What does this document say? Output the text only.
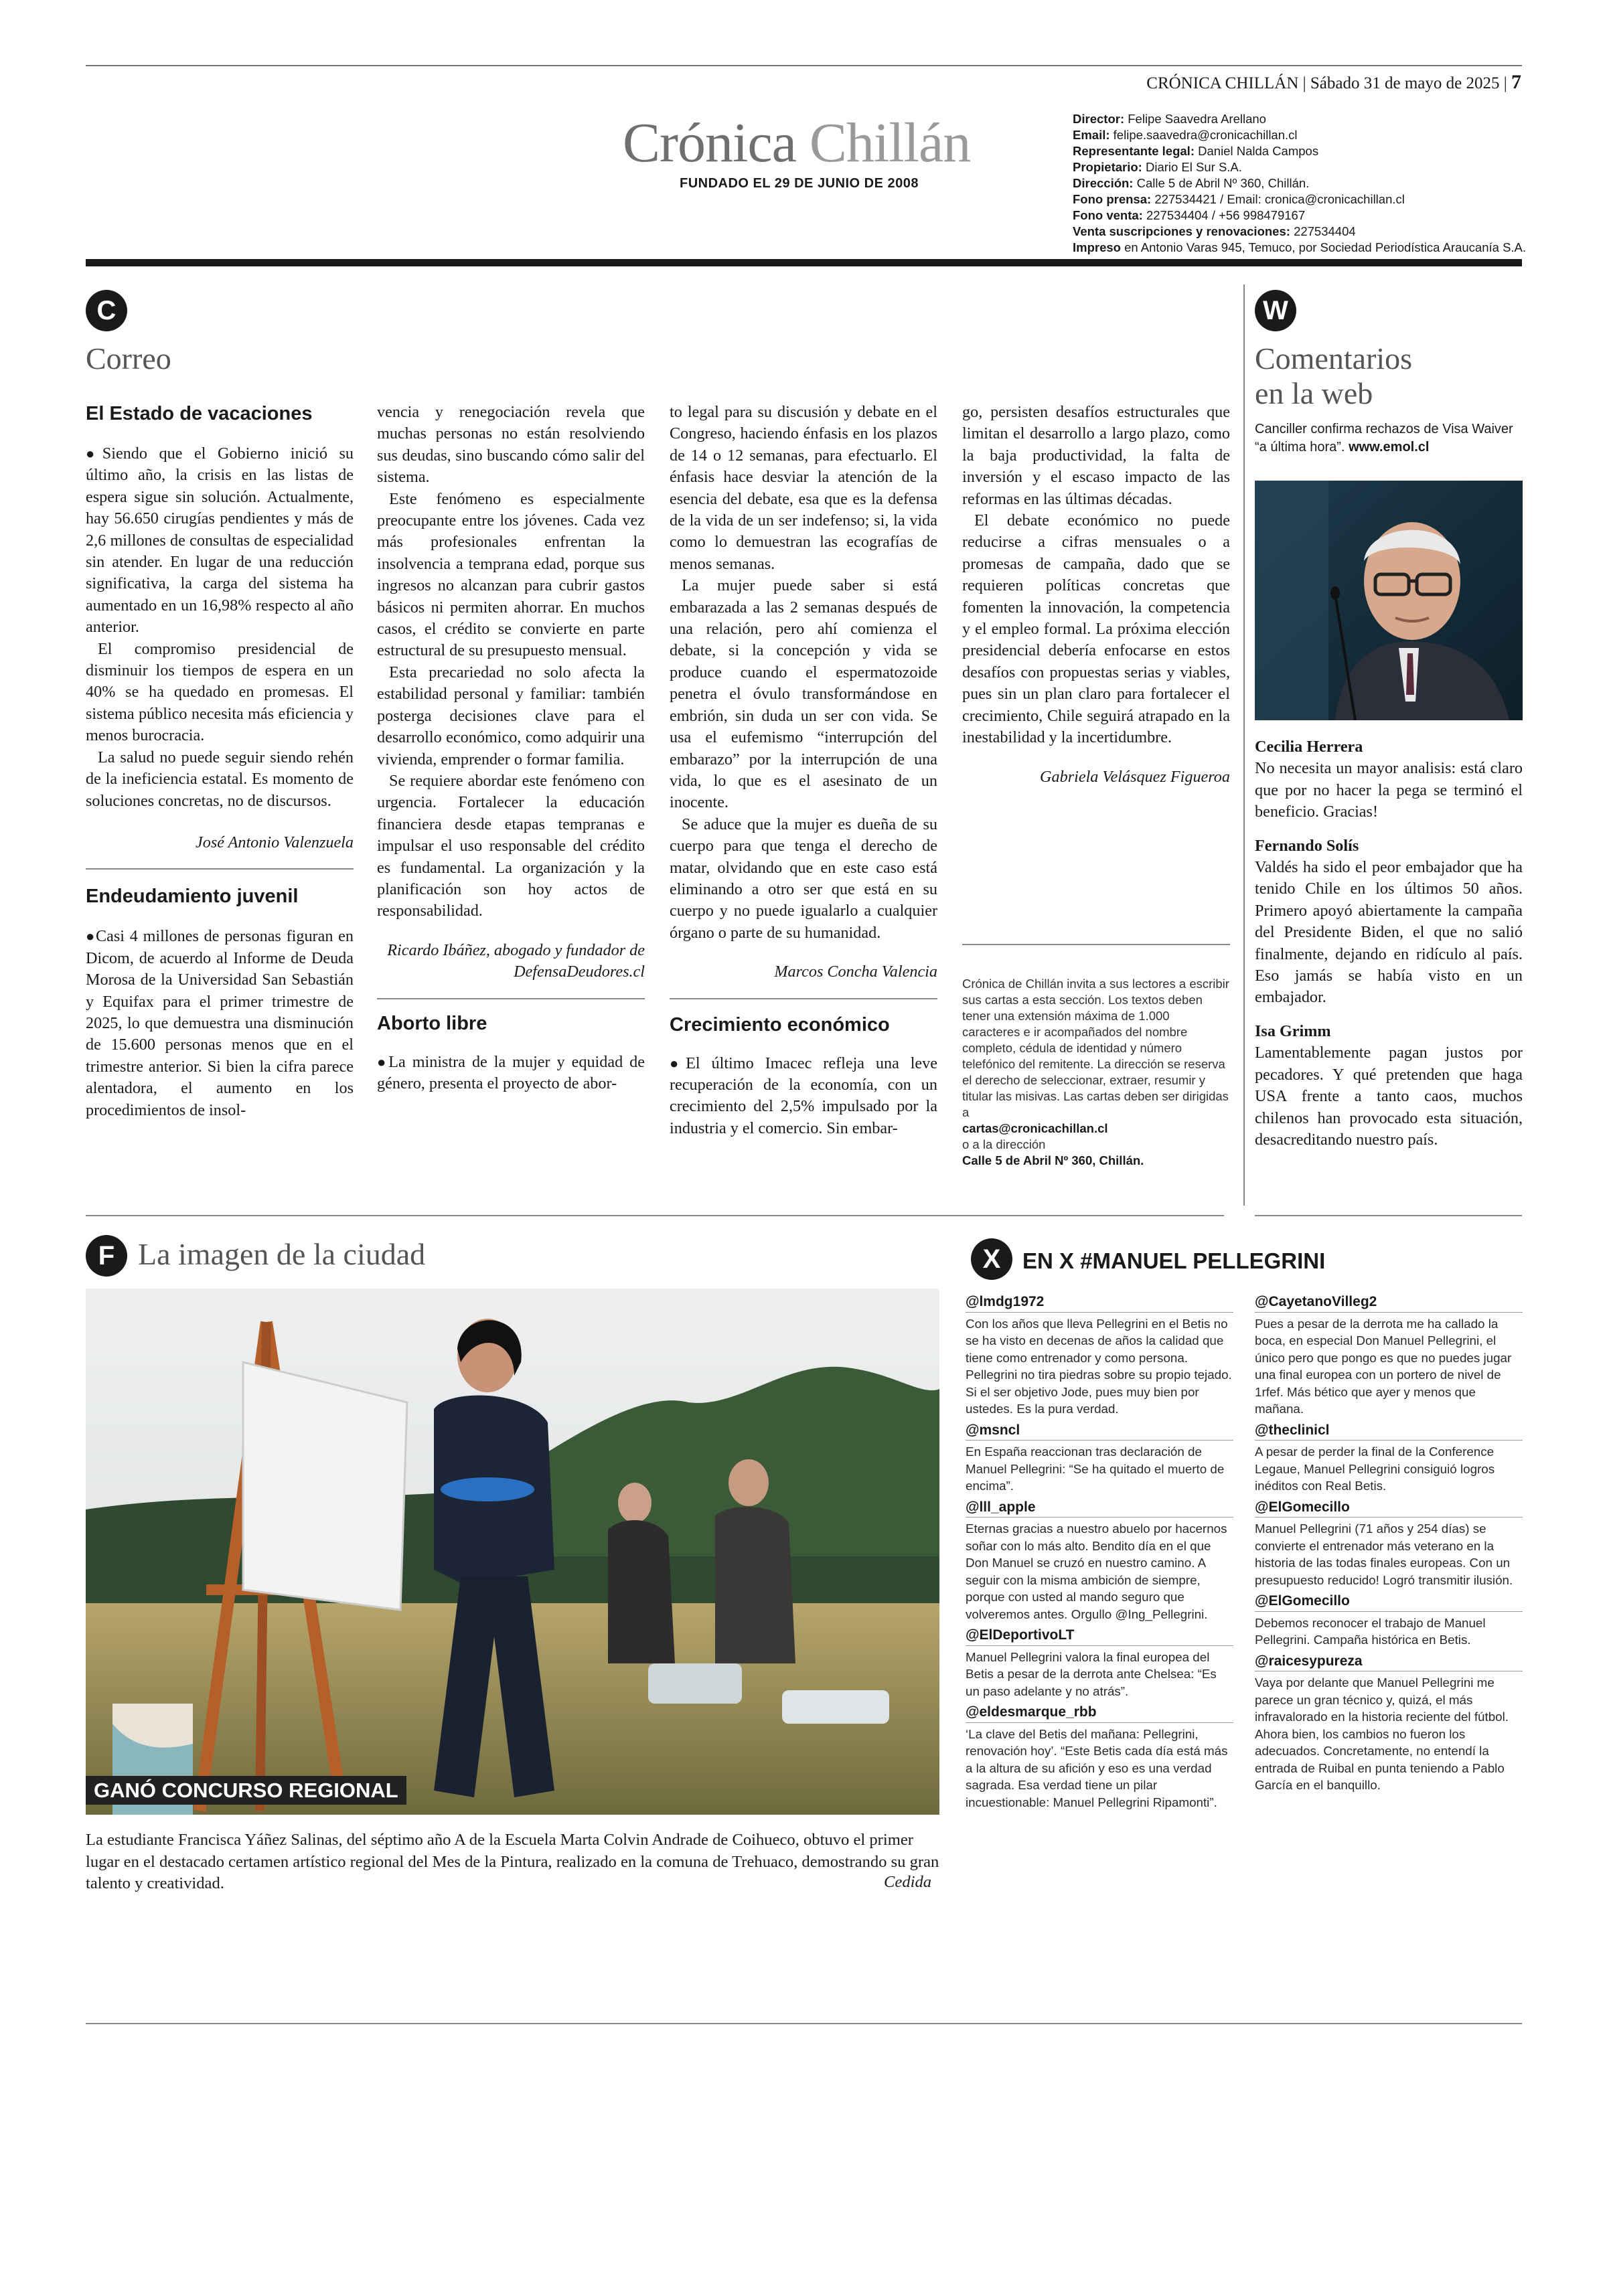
CRÓNICA CHILLÁN | Sábado 31 de mayo de 2025 | 7
Crónica Chillán
FUNDADO EL 29 DE JUNIO DE 2008
Director: Felipe Saavedra Arellano
Email: felipe.saavedra@cronicachillan.cl
Representante legal: Daniel Nalda Campos
Propietario: Diario El Sur S.A.
Dirección: Calle 5 de Abril Nº 360, Chillán.
Fono prensa: 227534421 / Email: cronica@cronicachillan.cl
Fono venta: 227534404 / +56 998479167
Venta suscripciones y renovaciones: 227534404
Impreso en Antonio Varas 945, Temuco, por Sociedad Periodística Araucanía S.A.
C
Correo
El Estado de vacaciones

●Siendo que el Gobierno inició su último año, la crisis en las listas de espera sigue sin solución. Actualmente, hay 56.650 cirugías pendientes y más de 2,6 millones de consultas de especialidad sin atender. En lugar de una reducción significativa, la carga del sistema ha aumentado en un 16,98% respecto al año anterior.

El compromiso presidencial de disminuir los tiempos de espera en un 40% se ha quedado en promesas. El sistema público necesita más eficiencia y menos burocracia.

La salud no puede seguir siendo rehén de la ineficiencia estatal. Es momento de soluciones concretas, no de discursos.

José Antonio Valenzuela

Endeudamiento juvenil

●Casi 4 millones de personas figuran en Dicom, de acuerdo al Informe de Deuda Morosa de la Universidad San Sebastián y Equifax para el primer trimestre de 2025, lo que demuestra una disminución de 15.600 personas menos que en el trimestre anterior. Si bien la cifra parece alentadora, el aumento en los procedimientos de insol-

vencia y renegociación revela que muchas personas no están resolviendo sus deudas, sino buscando cómo salir del sistema.

Este fenómeno es especialmente preocupante entre los jóvenes. Cada vez más profesionales enfrentan la insolvencia a temprana edad, porque sus ingresos no alcanzan para cubrir gastos básicos ni permiten ahorrar. En muchos casos, el crédito se convierte en parte estructural de su presupuesto mensual.

Esta precariedad no solo afecta la estabilidad personal y familiar: también posterga decisiones clave para el desarrollo económico, como adquirir una vivienda, emprender o formar familia.

Se requiere abordar este fenómeno con urgencia. Fortalecer la educación financiera desde etapas tempranas e impulsar el uso responsable del crédito es fundamental. La organización y la planificación son hoy actos de responsabilidad.

Ricardo Ibáñez, abogado y fundador de DefensaDeudores.cl

Aborto libre

●La ministra de la mujer y equidad de género, presenta el proyecto de abor-

to legal para su discusión y debate en el Congreso, haciendo énfasis en los plazos de 14 o 12 semanas, para efectuarlo. El énfasis hace desviar la atención de la esencia del debate, esa que es la defensa de la vida de un ser indefenso; si, la vida como lo demuestran las ecografías de menos semanas.

La mujer puede saber si está embarazada a las 2 semanas después de una relación, pero ahí comienza el debate, si la concepción y vida se produce cuando el espermatozoide penetra el óvulo transformándose en embrión, sin duda un ser con vida. Se usa el eufemismo “interrupción del embarazo” por la interrupción de una vida, lo que es el asesinato de un inocente.

Se aduce que la mujer es dueña de su cuerpo para que tenga el derecho de matar, olvidando que en este caso está eliminando a otro ser que está en su cuerpo y no puede igualarlo a cualquier órgano o parte de su humanidad.

Marcos Concha Valencia

Crecimiento económico

●El último Imacec refleja una leve recuperación de la economía, con un crecimiento del 2,5% impulsado por la industria y el comercio. Sin embar-

go, persisten desafíos estructurales que limitan el desarrollo a largo plazo, como la baja productividad, la falta de inversión y el escaso impacto de las reformas en las últimas décadas.

El debate económico no puede reducirse a cifras mensuales o a promesas de campaña, dado que se requieren políticas concretas que fomenten la innovación, la competencia y el empleo formal. La próxima elección presidencial debería enfocarse en estos desafíos con propuestas serias y viables, pues sin un plan claro para fortalecer el crecimiento, Chile seguirá atrapado en la inestabilidad y la incertidumbre.

Gabriela Velásquez Figueroa

Crónica de Chillán invita a sus lectores a escribir sus cartas a esta sección. Los textos deben tener una extensión máxima de 1.000 caracteres e ir acompañados del nombre completo, cédula de identidad y número telefónico del remitente. La dirección se reserva el derecho de seleccionar, extraer, resumir y titular las misivas. Las cartas deben ser dirigidas a
cartas@cronicachillan.cl
o a la dirección
Calle 5 de Abril Nº 360, Chillán.
W
Comentarios
en la web
Canciller confirma rechazos de Visa Waiver “a última hora”. www.emol.cl
Cecilia Herrera

No necesita un mayor analisis: está claro que por no hacer la pega se terminó el beneficio. Gracias!

Fernando Solís

Valdés ha sido el peor embajador que ha tenido Chile en los últimos 50 años. Primero apoyó abiertamente la campaña del Presidente Biden, el que no salió finalmente, dejando en ridículo al país. Eso jamás se había visto en un embajador.

Isa Grimm

Lamentablemente pagan justos por pecadores. Y qué pretenden que haga USA frente a tanto caos, muchos chilenos han provocado esta situación, desacreditando nuestro país.

F La imagen de la ciudad
GANÓ CONCURSO REGIONAL
La estudiante Francisca Yáñez Salinas, del séptimo año A de la Escuela Marta Colvin Andrade de Coihueco, obtuvo el primer lugar en el destacado certamen artístico regional del Mes de la Pintura, realizado en la comuna de Trehuaco, demostrando su gran talento y creatividad.	Cedida
X EN X #MANUEL PELLEGRINI
@lmdg1972
Con los años que lleva Pellegrini en el Betis no se ha visto en decenas de años la calidad que tiene como entrenador y como persona. Pellegrini no tira piedras sobre su propio tejado. Si el ser objetivo Jode, pues muy bien por ustedes. Es la pura verdad.
@msncl
En España reaccionan tras declaración de Manuel Pellegrini: “Se ha quitado el muerto de encima”.
@lll_apple
Eternas gracias a nuestro abuelo por hacernos soñar con lo más alto. Bendito día en el que Don Manuel se cruzó en nuestro camino. A seguir con la misma ambición de siempre, porque con usted al mando seguro que volveremos antes. Orgullo @Ing_Pellegrini.
@ElDeportivoLT
Manuel Pellegrini valora la final europea del Betis a pesar de la derrota ante Chelsea: “Es un paso adelante y no atrás”.
@eldesmarque_rbb
‘La clave del Betis del mañana: Pellegrini, renovación hoy’. “Este Betis cada día está más a la altura de su afición y eso es una verdad sagrada. Esa verdad tiene un pilar incuestionable: Manuel Pellegrini Ripamonti”.
@CayetanoVilleg2
Pues a pesar de la derrota me ha callado la boca, en especial Don Manuel Pellegrini, el único pero que pongo es que no puedes jugar una final europea con un portero de nivel de 1rfef. Más bético que ayer y menos que mañana.
@theclinicl
A pesar de perder la final de la Conference Legaue, Manuel Pellegrini consiguió logros inéditos con Real Betis.
@ElGomecillo
Manuel Pellegrini (71 años y 254 días) se convierte el entrenador más veterano en la historia de las todas finales europeas. Con un presupuesto reducido! Logró transmitir ilusión.
@ElGomecillo
Debemos reconocer el trabajo de Manuel Pellegrini. Campaña histórica en Betis.
@raicesypureza
Vaya por delante que Manuel Pellegrini me parece un gran técnico y, quizá, el más infravalorado en la historia reciente del fútbol. Ahora bien, los cambios no fueron los adecuados. Concretamente, no entendí la entrada de Ruibal en punta teniendo a Pablo García en el banquillo.
